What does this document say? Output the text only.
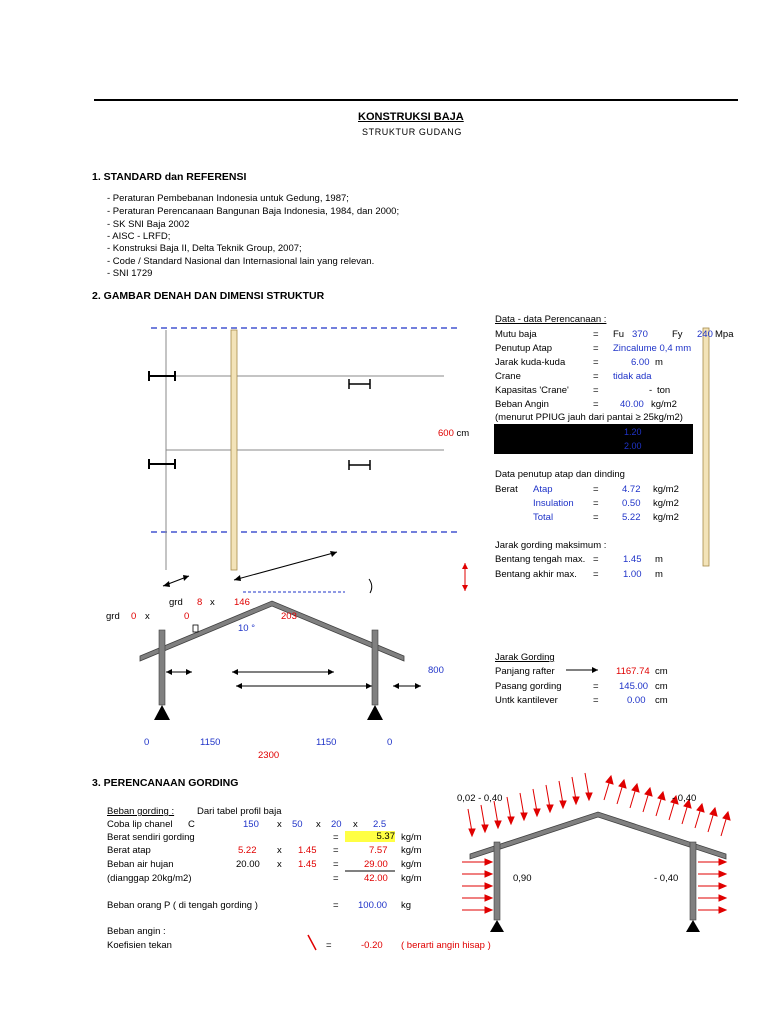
KONSTRUKSI BAJA
STRUKTUR GUDANG
1. STANDARD dan REFERENSI
- Peraturan Pembebanan Indonesia untuk Gedung, 1987;
- Peraturan Perencanaan Bangunan Baja Indonesia, 1984, dan 2000;
- SK SNI Baja 2002
- AISC - LRFD;
- Konstruksi Baja II, Delta Teknik Group, 2007;
- Code / Standard Nasional dan Internasional lain yang relevan.
- SNI 1729
2. GAMBAR DENAH DAN DIMENSI STRUKTUR
600 cm
grd 0 x	0
grd 8 x 146
203
10 °
800
0	1150	1150	0
2300
Data - data Perencanaan :
Mutu baja	= Fu 370	Fy 240 Mpa
Penutup Atap	= Zincalume 0,4 mm
Jarak kuda-kuda	=	6.00 m
Crane	= tidak ada
Kapasitas 'Crane'	=	- ton
Beban Angin	= 40.00 kg/m2
(menurut PPIUG jauh dari pantai ≥ 25kg/m2)
1.20
2.00
Data penutup atap dan dinding
Berat Atap	= 4.72 kg/m2
Insulation = 0.50 kg/m2
Total	= 5.22 kg/m2
Jarak gording maksimum :
Bentang tengah max. =	1.45 m
Bentang akhir max. =	1.00 m
Jarak Gording
Panjang rafter	1167.74 cm
Pasang gording	= 145.00 cm
Untk kantilever	=	0.00 cm
3. PERENCANAAN GORDING
Beban gording : Dari tabel profil baja
Coba lip chanel C	150 x 50 x 20 x 2.5
Berat sendiri gording	=	5.37 kg/m
Berat atap	5.22 x 1.45 =	7.57 kg/m
Beban air hujan	20.00 x 1.45 =	29.00 kg/m
(dianggap 20kg/m2)	=	42.00 kg/m
Beban orang P ( di tengah gording )	= 100.00 kg
Beban angin :
Koefisien tekan	=	-0.20 ( berarti angin hisap )
0,02 - 0,40	- 0,40
0,90	- 0,40
